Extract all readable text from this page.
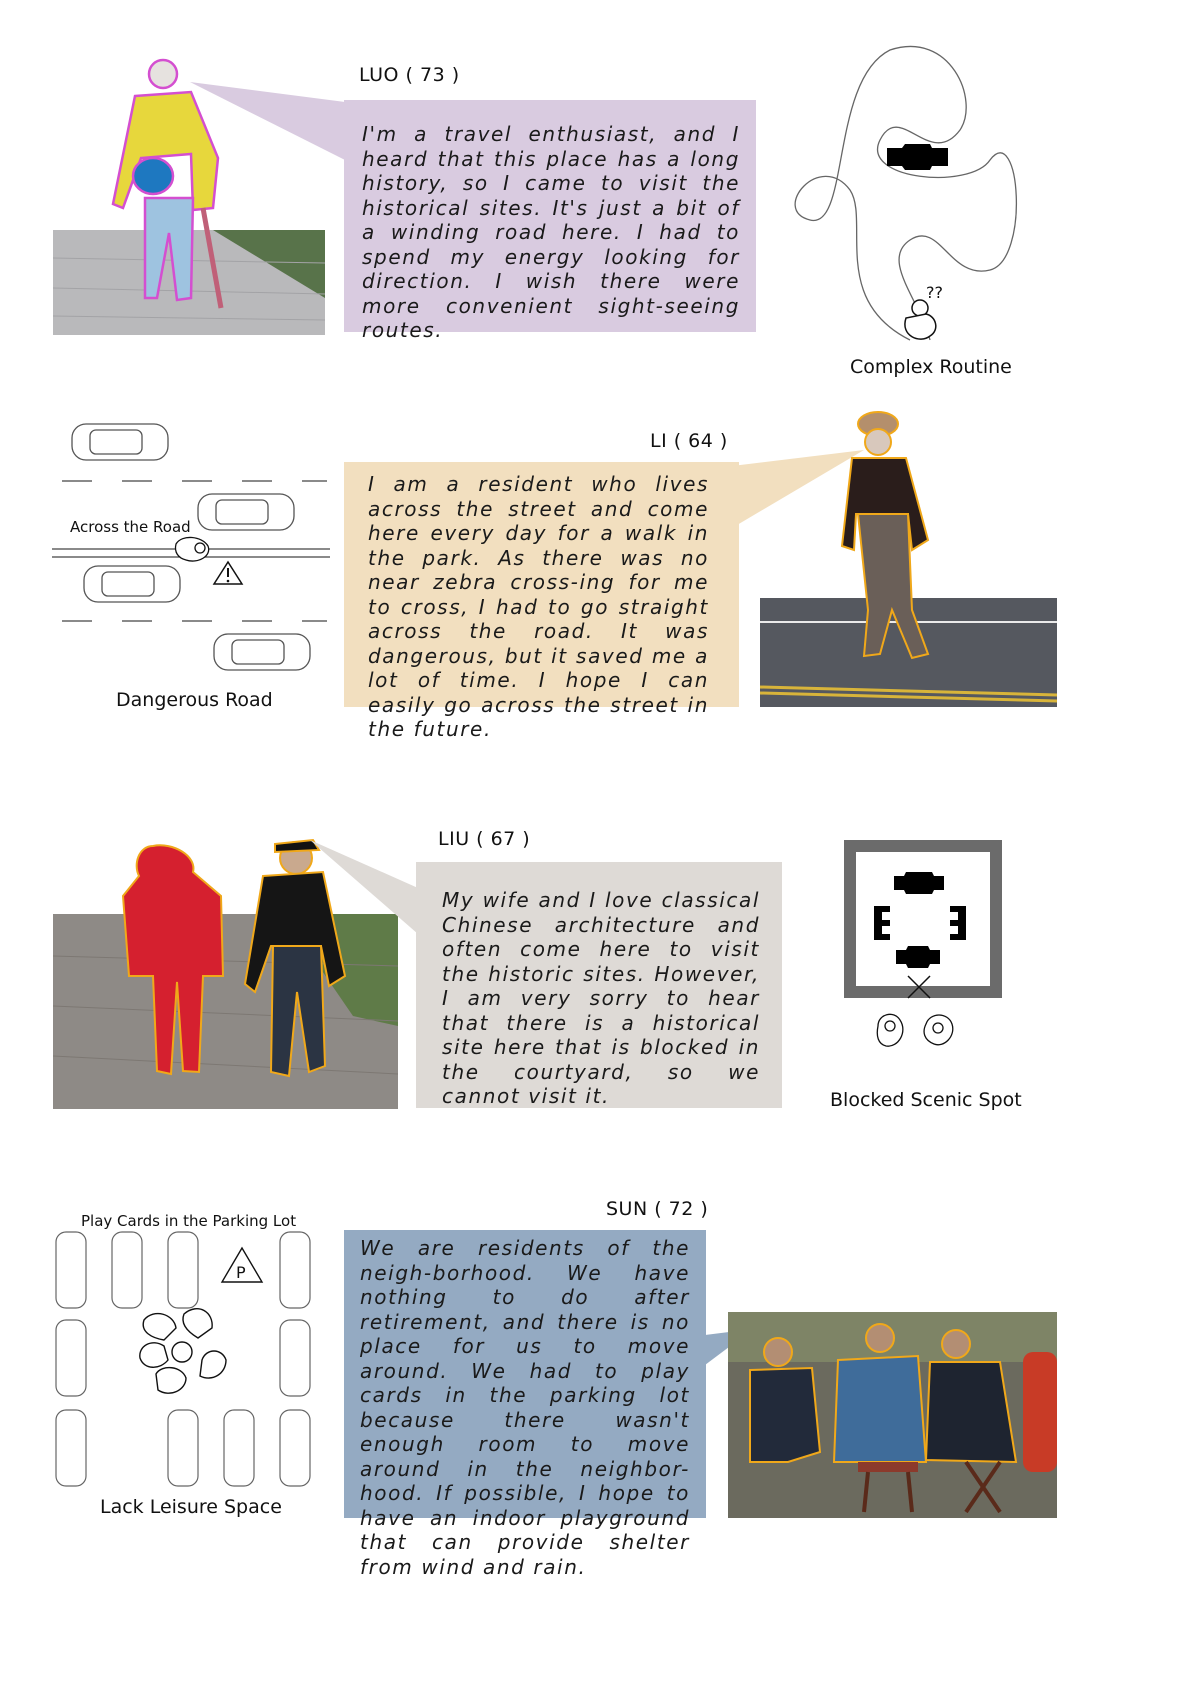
LUO ( 73 )
I'm a travel enthusiast, and I heard that this place has a long history, so I came to visit the historical sites. It's just a bit of a winding road here. I had to spend my energy looking for direction. I wish there were more convenient sight-seeing routes.
??
Complex Routine
Across the Road
Dangerous Road
LI ( 64 )
I am a resident who lives across the street and come here every day for a walk in the park. As there was no near zebra cross-ing for me to cross, I had to go straight across the road. It was dangerous, but it saved me a lot of time. I hope I can easily go across the street in the future.
LIU ( 67 )
My wife and I love classical Chinese architecture and often come here to visit the historic sites. However, I am very sorry to hear that there is a historical site here that is blocked in the courtyard, so we cannot visit it.	Blocked Scenic Spot
Play Cards in the Parking Lot
P
Lack Leisure Space
SUN ( 72 )
We are residents of the neigh-borhood. We have nothing to do after retirement, and there is no place for us to move around. We had to play cards in the parking lot because there wasn't enough room to move around in the neighbor-hood. If possible, I hope to have an indoor playground that can provide shelter from wind and rain.
